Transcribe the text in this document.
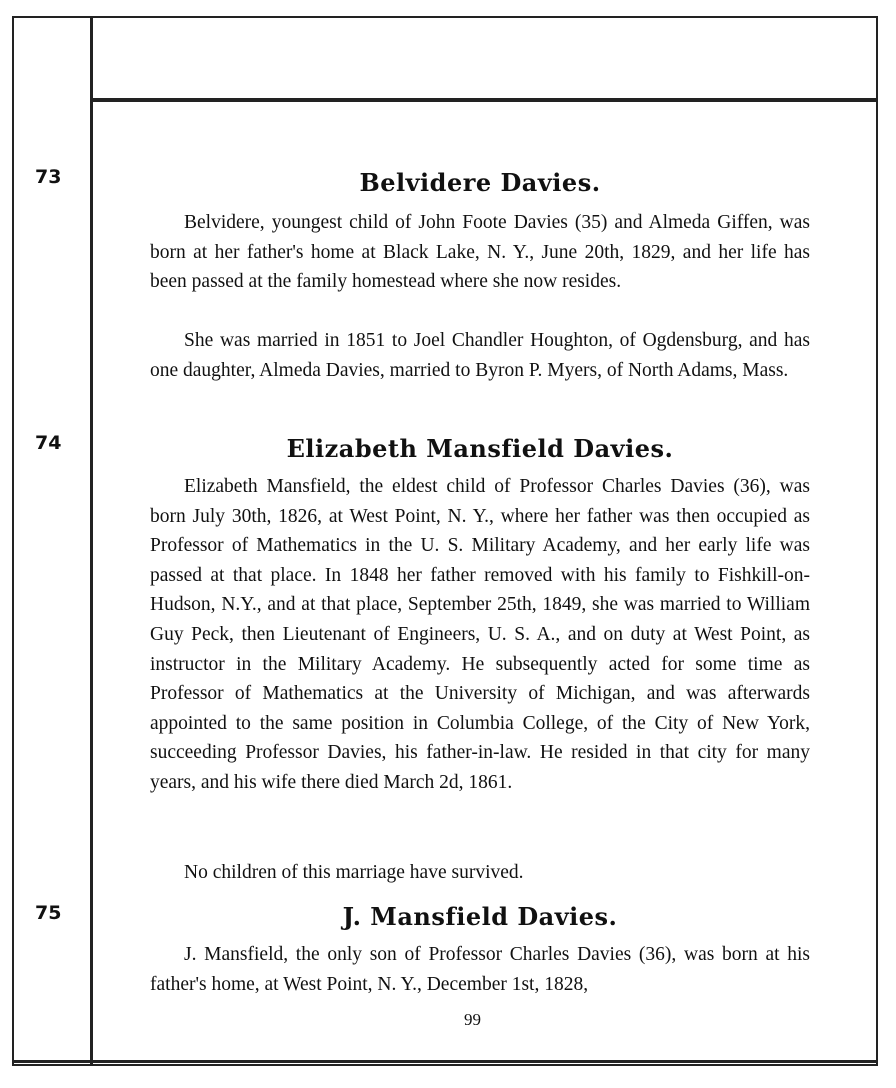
73
74
75
Belvidere Davies.
Belvidere, youngest child of John Foote Davies (35) and Almeda Giffen, was born at her father's home at Black Lake, N. Y., June 20th, 1829, and her life has been passed at the family homestead where she now resides.
She was married in 1851 to Joel Chandler Houghton, of Ogdensburg, and has one daughter, Almeda Davies, married to Byron P. Myers, of North Adams, Mass.
Elizabeth Mansfield Davies.
Elizabeth Mansfield, the eldest child of Professor Charles Davies (36), was born July 30th, 1826, at West Point, N. Y., where her father was then occupied as Professor of Mathematics in the U. S. Military Academy, and her early life was passed at that place. In 1848 her father removed with his family to Fishkill-on-Hudson, N.Y., and at that place, September 25th, 1849, she was married to William Guy Peck, then Lieutenant of Engineers, U. S. A., and on duty at West Point, as instructor in the Military Academy. He subsequently acted for some time as Professor of Mathematics at the University of Michigan, and was afterwards appointed to the same position in Columbia College, of the City of New York, succeeding Professor Davies, his father-in-law. He resided in that city for many years, and his wife there died March 2d, 1861.
No children of this marriage have survived.
J. Mansfield Davies.
J. Mansfield, the only son of Professor Charles Davies (36), was born at his father's home, at West Point, N. Y., December 1st, 1828,
99
